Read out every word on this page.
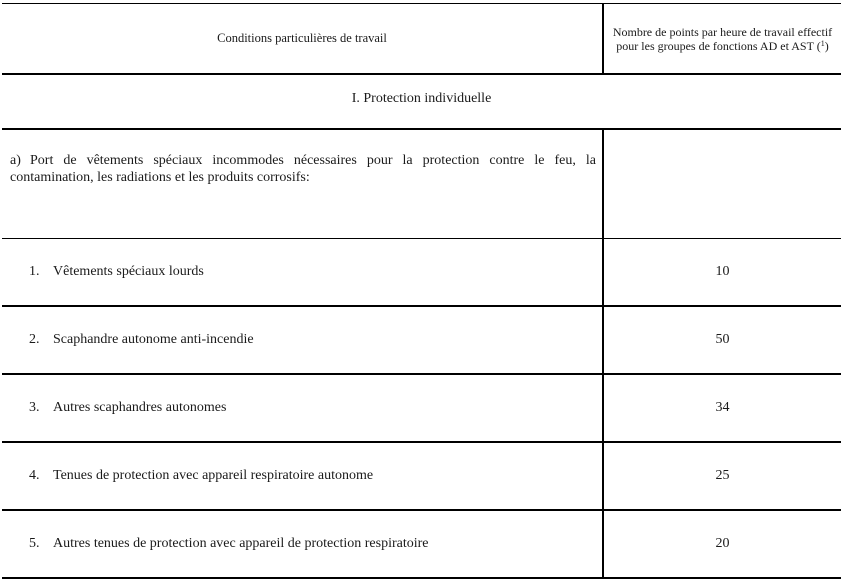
Conditions particulières de travail	Nombre de points par heure de travail effectif pour les groupes de fonctions AD et AST ($^1$)
I. Protection individuelle	
a) Port de vêtements spéciaux incommodes nécessaires pour la protection contre le feu, la contamination, les radiations et les produits corrosifs:	
1. Vêtements spéciaux lourds	10
2. Scaphandre autonome anti-incendie	50
3. Autres scaphandres autonomes	34
4. Tenues de protection avec appareil respiratoire autonome	25
5. Autres tenues de protection avec appareil de protection respiratoire	20
